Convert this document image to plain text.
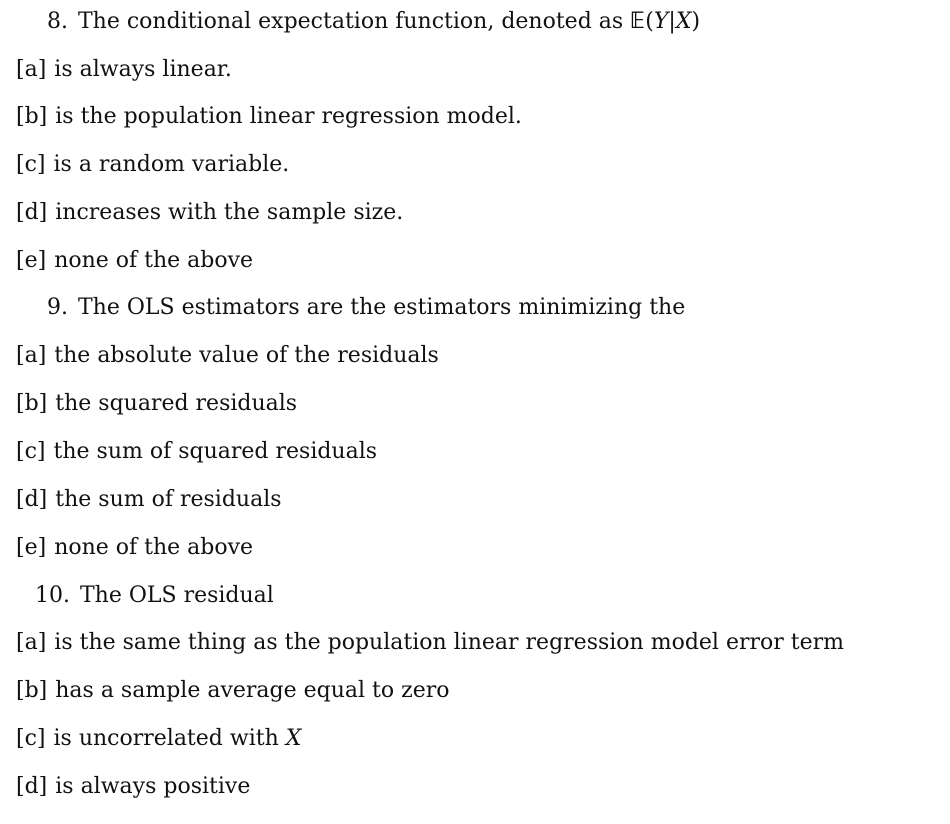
8. The conditional expectation function, denoted as 𝔼(Y|X)
[a] is always linear.
[b] is the population linear regression model.
[c] is a random variable.
[d] increases with the sample size.
[e] none of the above
9. The OLS estimators are the estimators minimizing the
[a] the absolute value of the residuals
[b] the squared residuals
[c] the sum of squared residuals
[d] the sum of residuals
[e] none of the above
10. The OLS residual
[a] is the same thing as the population linear regression model error term
[b] has a sample average equal to zero
[c] is uncorrelated with X
[d] is always positive
